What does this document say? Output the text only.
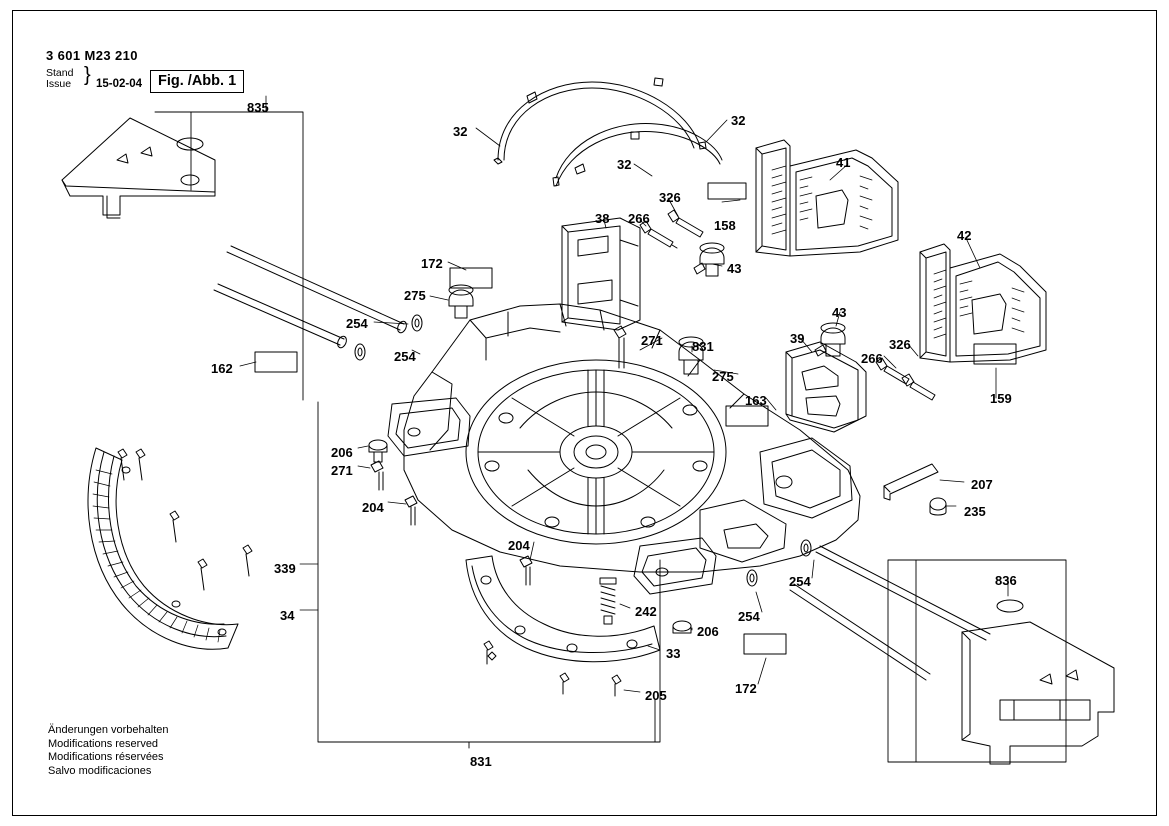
3 601 M23 210
Stand
Issue } 15-02-04	Fig. /Abb. 1
Änderungen vorbehalten
Modifications reserved
Modifications réservées
Salvo modificaciones
835
32
32
32	41
42
326
158
38 266
43
172
275
254
254
162
271 831
275
39
43
266
326
163	159
206
271
204
204
207
235
836
339
34	242
206
33
254
254
172
205
831
